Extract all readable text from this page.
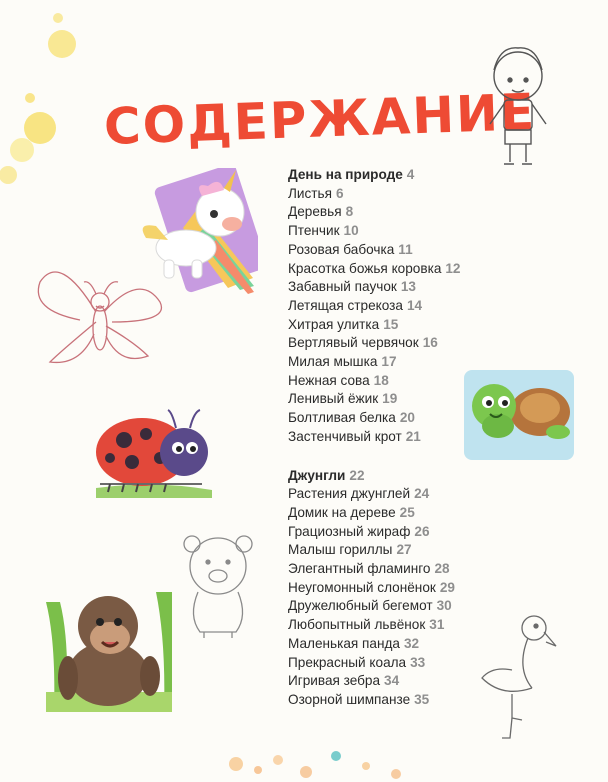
СОДЕРЖАНИЕ
День на природе 4
Листья 6
Деревья 8
Птенчик 10
Розовая бабочка 11
Красотка божья коровка 12
Забавный паучок 13
Летящая стрекоза 14
Хитрая улитка 15
Вертлявый червячок 16
Милая мышка 17
Нежная сова 18
Ленивый ёжик 19
Болтливая белка 20
Застенчивый крот 21
Джунгли 22
Растения джунглей 24
Домик на дереве 25
Грациозный жираф 26
Малыш гориллы 27
Элегантный фламинго 28
Неугомонный слонёнок 29
Дружелюбный бегемот 30
Любопытный львёнок 31
Маленькая панда 32
Прекрасный коала 33
Игривая зебра 34
Озорной шимпанзе 35
